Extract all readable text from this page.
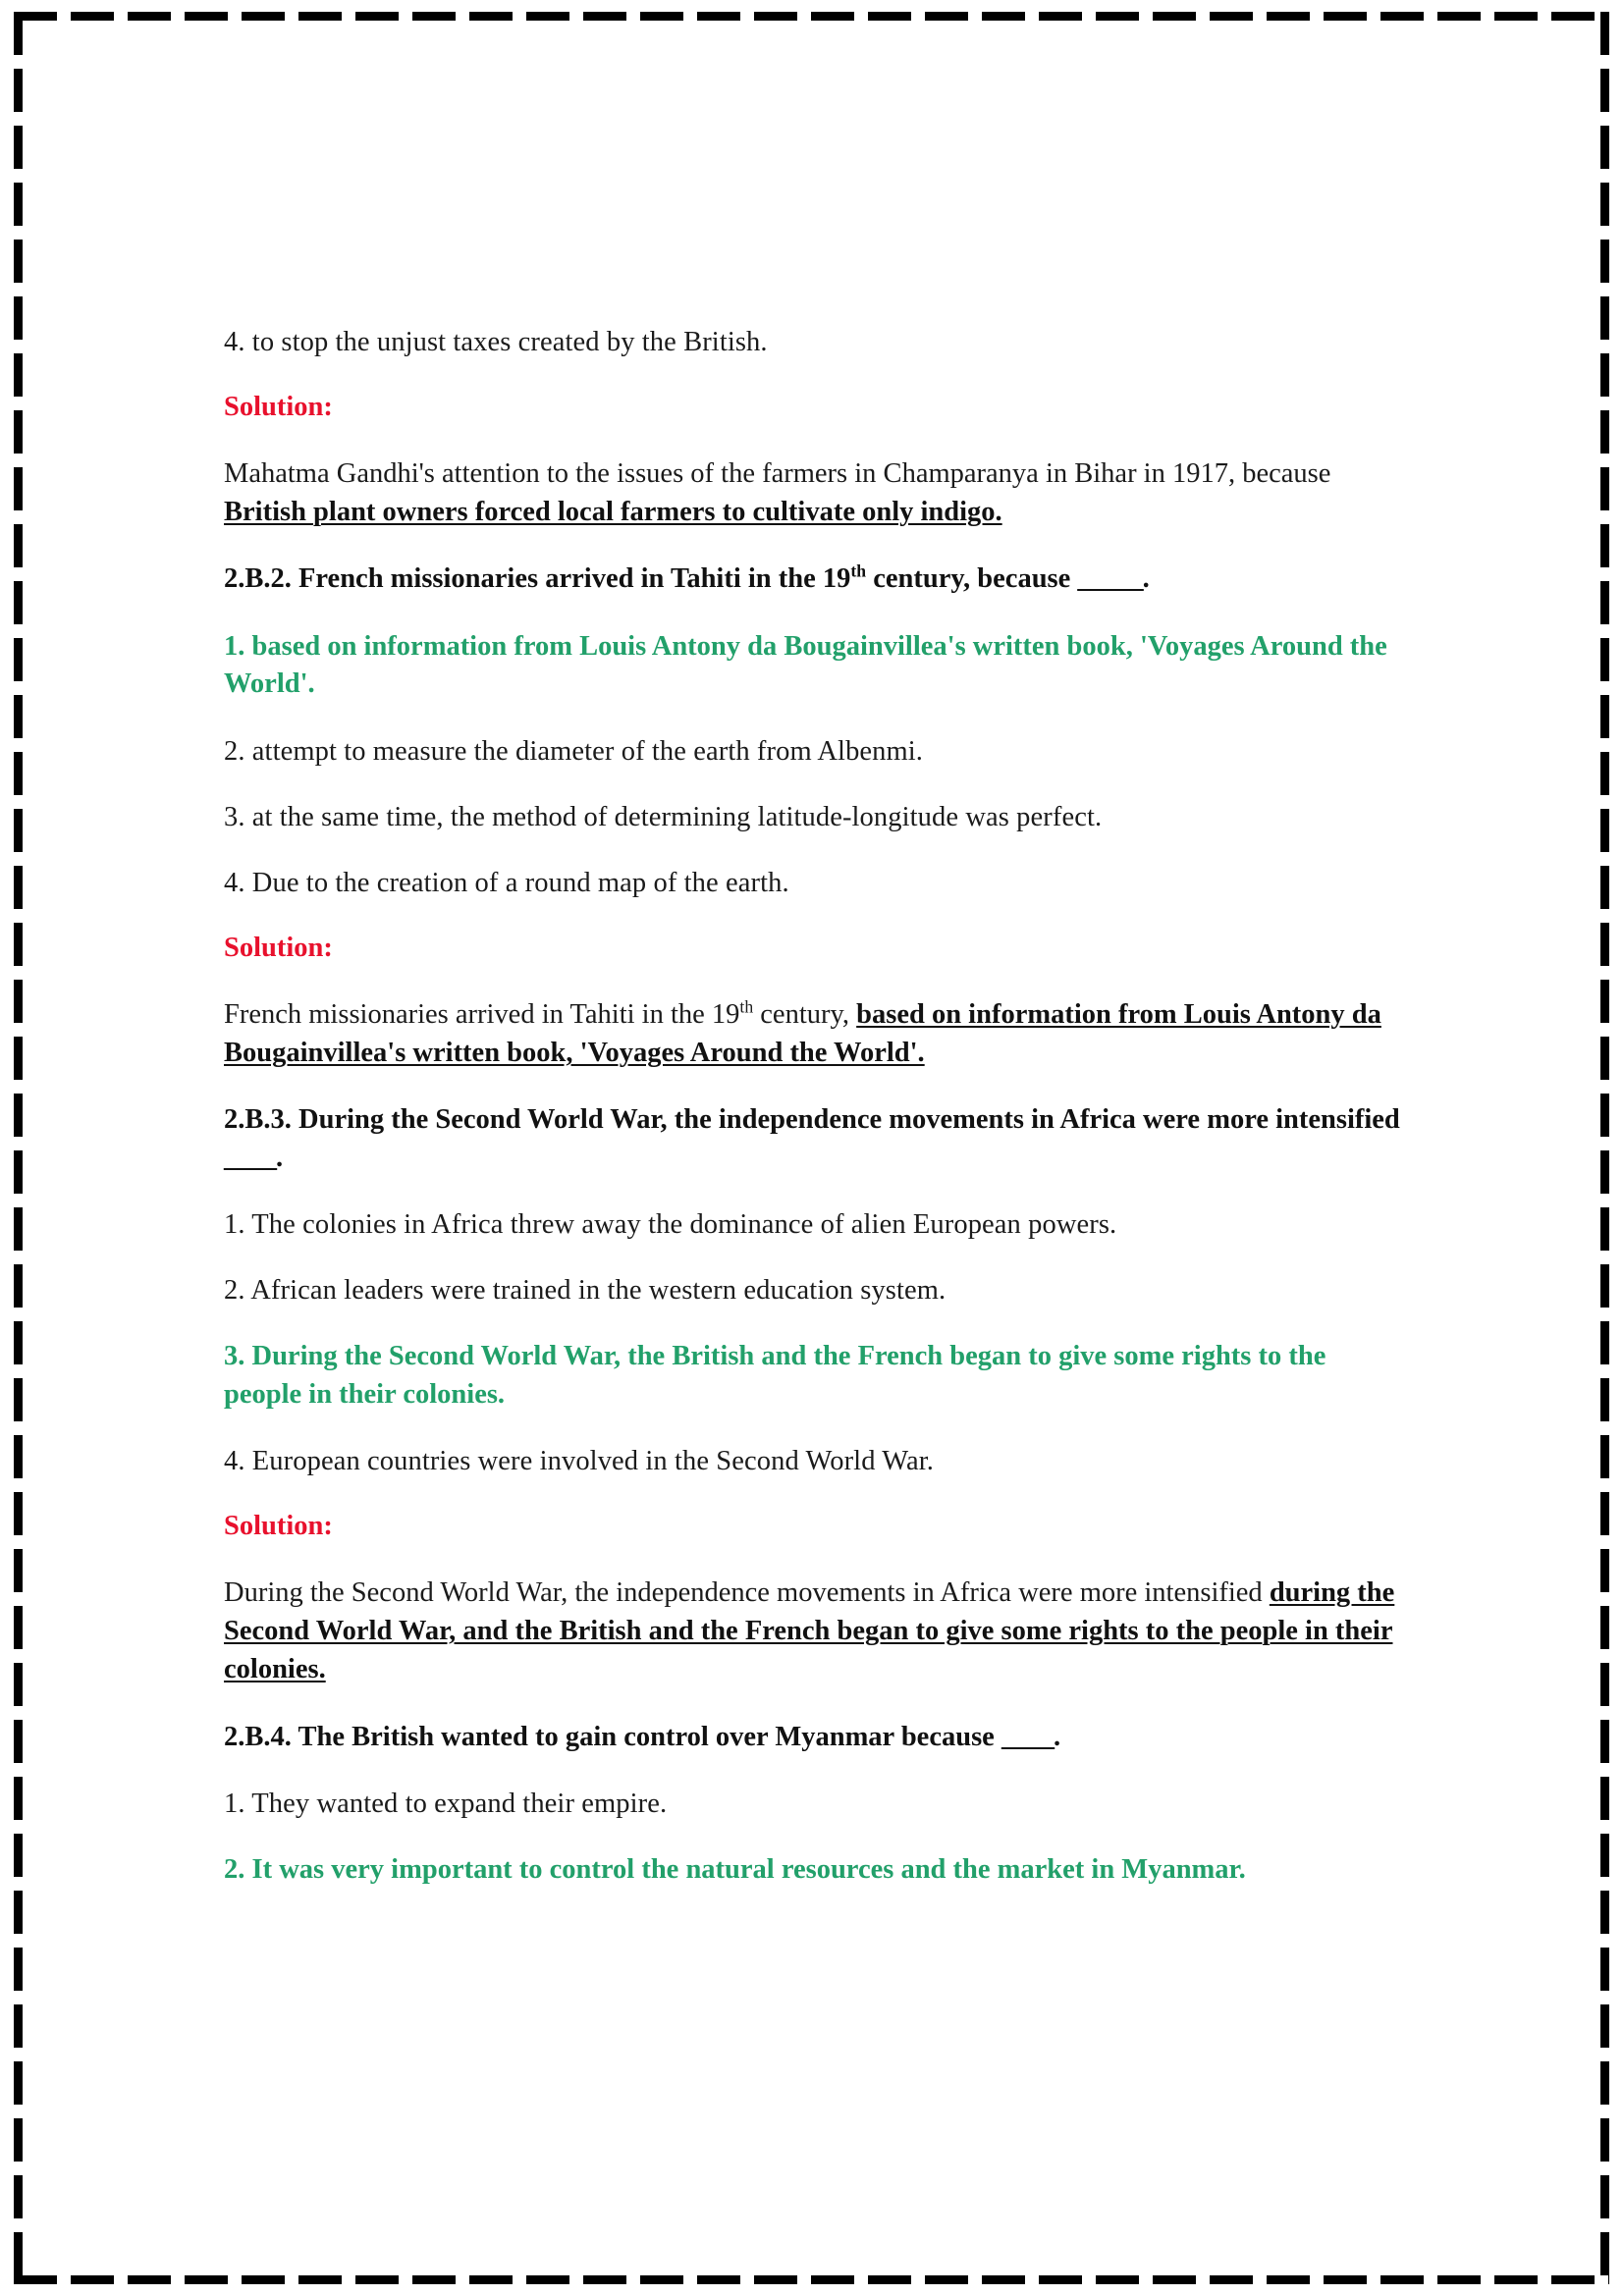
4. to stop the unjust taxes created by the British.

Solution:

Mahatma Gandhi's attention to the issues of the farmers in Champaranya in Bihar in 1917, because British plant owners forced local farmers to cultivate only indigo.

2.B.2. French missionaries arrived in Tahiti in the 19th century, because _____.

1. based on information from Louis Antony da Bougainvillea's written book, 'Voyages Around the World'.

2. attempt to measure the diameter of the earth from Albenmi.

3. at the same time, the method of determining latitude-longitude was perfect.

4. Due to the creation of a round map of the earth.

Solution:

French missionaries arrived in Tahiti in the 19th century, based on information from Louis Antony da Bougainvillea's written book, 'Voyages Around the World'.

2.B.3. During the Second World War, the independence movements in Africa were more intensified ____.

1. The colonies in Africa threw away the dominance of alien European powers.

2. African leaders were trained in the western education system.

3. During the Second World War, the British and the French began to give some rights to the people in their colonies.

4. European countries were involved in the Second World War.

Solution:

During the Second World War, the independence movements in Africa were more intensified during the Second World War, and the British and the French began to give some rights to the people in their colonies.

2.B.4. The British wanted to gain control over Myanmar because ____.

1. They wanted to expand their empire.

2. It was very important to control the natural resources and the market in Myanmar.
